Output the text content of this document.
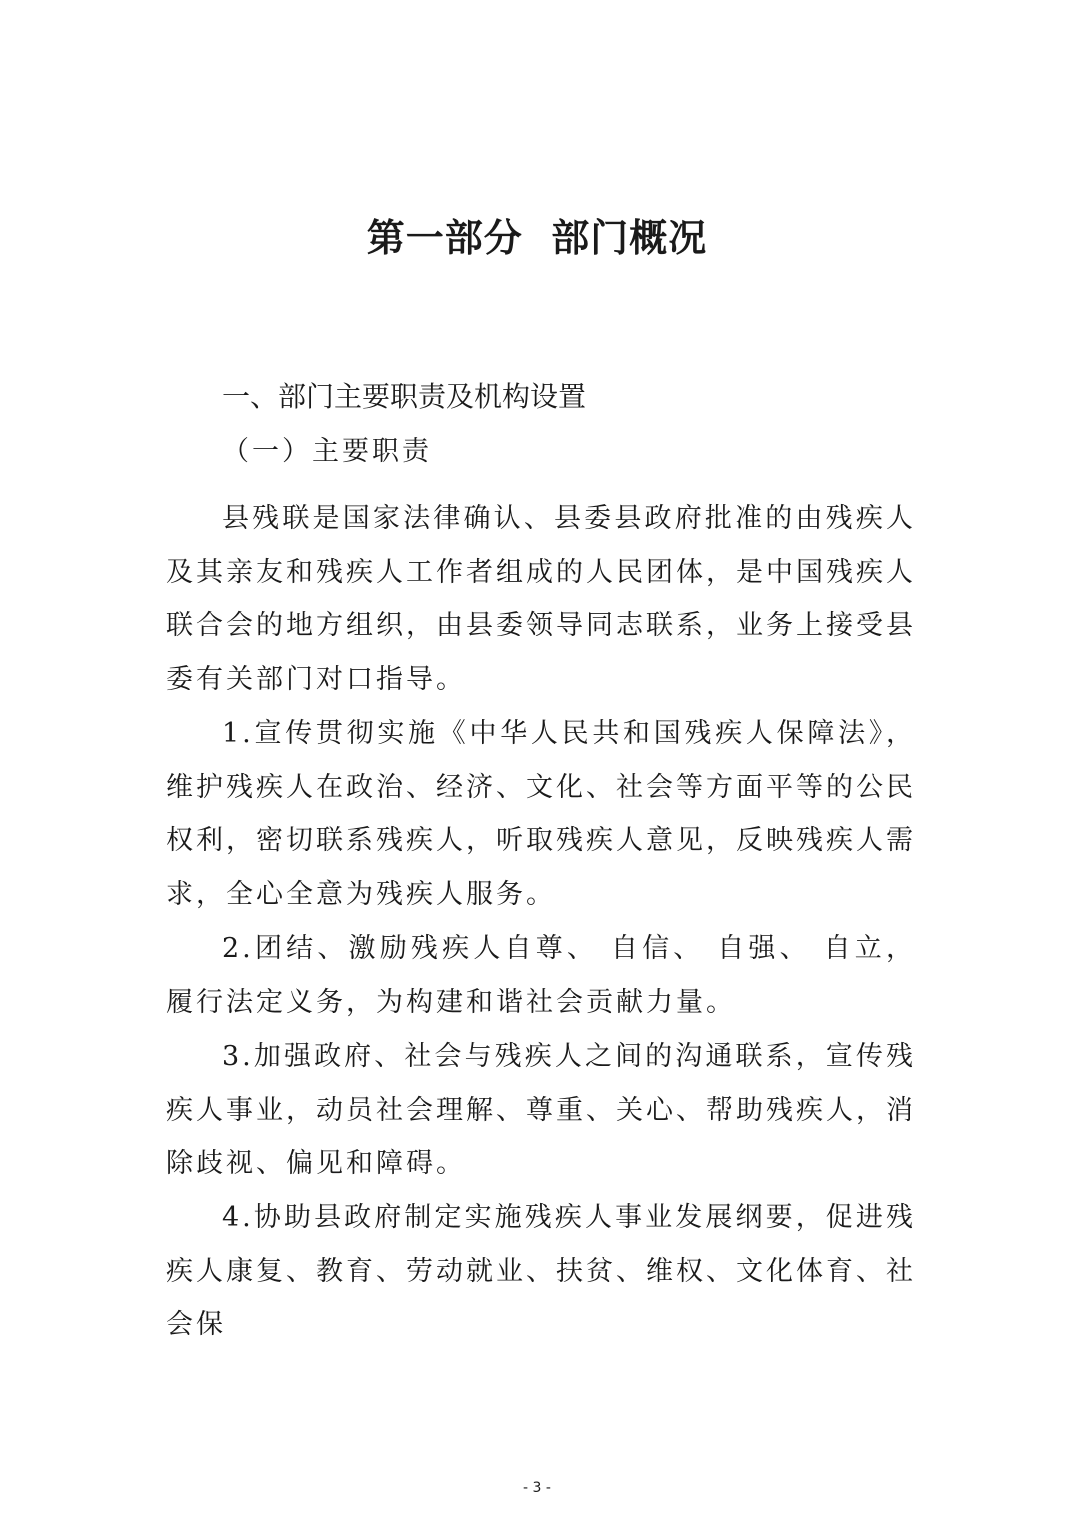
第一部分  部门概况
一、部门主要职责及机构设置
（一）主要职责

县残联是国家法律确认、县委县政府批准的由残疾人及其亲友和残疾人工作者组成的人民团体，是中国残疾人联合会的地方组织，由县委领导同志联系，业务上接受县委有关部门对口指导。

1.宣传贯彻实施《中华人民共和国残疾人保障法》，维护残疾人在政治、经济、文化、社会等方面平等的公民权利，密切联系残疾人，听取残疾人意见，反映残疾人需求，全心全意为残疾人服务。

2.团结、激励残疾人自尊、 自信、 自强、 自立，履行法定义务，为构建和谐社会贡献力量。

3.加强政府、社会与残疾人之间的沟通联系，宣传残疾人事业，动员社会理解、尊重、关心、帮助残疾人，消除歧视、偏见和障碍。

4.协助县政府制定实施残疾人事业发展纲要，促进残疾人康复、教育、劳动就业、扶贫、维权、文化体育、社会保

- 3 -
